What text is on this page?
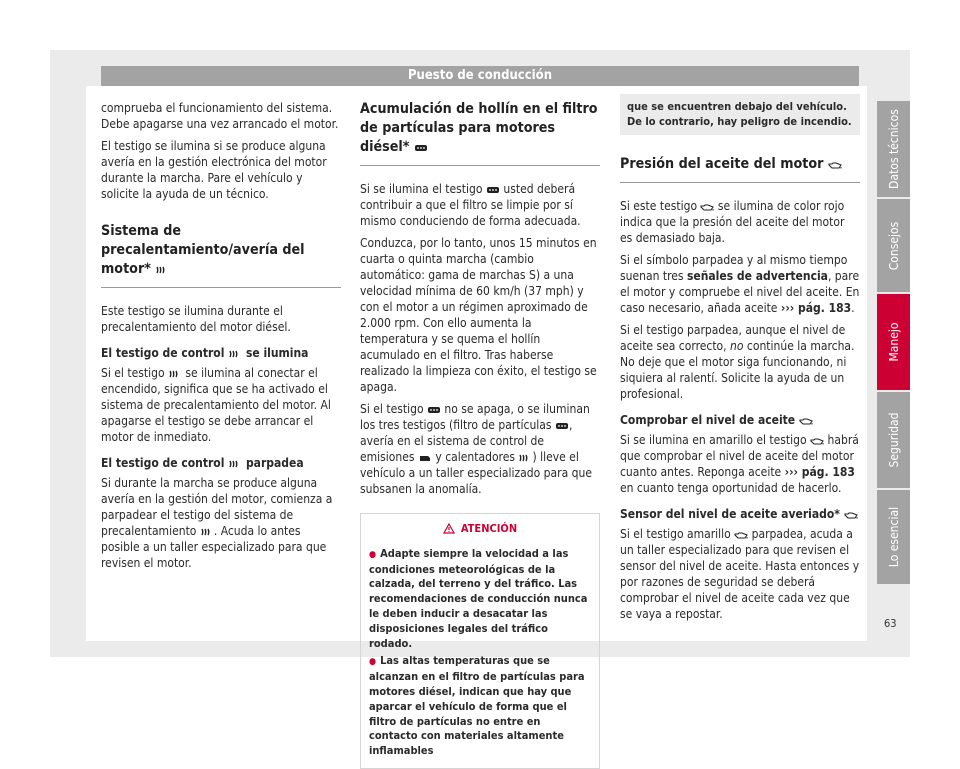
Puesto de conducción

comprueba el funcionamiento del sistema. Debe apagarse una vez arrancado el motor.

El testigo se ilumina si se produce alguna avería en la gestión electrónica del motor durante la marcha. Pare el vehículo y solicite la ayuda de un técnico.

Sistema de precalentamiento/avería del motor*

Este testigo se ilumina durante el precalentamiento del motor diésel.

El testigo de control se ilumina

Si el testigo se ilumina al conectar el encendido, significa que se ha activado el sistema de precalentamiento del motor. Al apagarse el testigo se debe arrancar el motor de inmediato.

El testigo de control parpadea

Si durante la marcha se produce alguna avería en la gestión del motor, comienza a parpadear el testigo del sistema de precalentamiento . Acuda lo antes posible a un taller especializado para que revisen el motor.

Acumulación de hollín en el filtro de partículas para motores diésel*

Si se ilumina el testigo usted deberá contribuir a que el filtro se limpie por sí mismo conduciendo de forma adecuada.

Conduzca, por lo tanto, unos 15 minutos en cuarta o quinta marcha (cambio automático: gama de marchas S) a una velocidad mínima de 60 km/h (37 mph) y con el motor a un régimen aproximado de 2.000 rpm. Con ello aumenta la temperatura y se quema el hollín acumulado en el filtro. Tras haberse realizado la limpieza con éxito, el testigo se apaga.

Si el testigo no se apaga, o se iluminan los tres testigos (filtro de partículas , avería en el sistema de control de emisiones y calentadores ) lleve el vehículo a un taller especializado para que subsanen la anomalía.

ATENCIÓN
● Adapte siempre la velocidad a las condiciones meteorológicas de la calzada, del terreno y del tráfico. Las recomendaciones de conducción nunca le deben inducir a desacatar las disposiciones legales del tráfico rodado.
● Las altas temperaturas que se alcanzan en el filtro de partículas para motores diésel, indican que hay que aparcar el vehículo de forma que el filtro de partículas no entre en contacto con materiales altamente inflamables
que se encuentren debajo del vehículo. De lo contrario, hay peligro de incendio.
Presión del aceite del motor

Si este testigo se ilumina de color rojo indica que la presión del aceite del motor es demasiado baja.

Si el símbolo parpadea y al mismo tiempo suenan tres señales de advertencia, pare el motor y compruebe el nivel del aceite. En caso necesario, añada aceite ››› pág. 183.

Si el testigo parpadea, aunque el nivel de aceite sea correcto, no continúe la marcha. No deje que el motor siga funcionando, ni siquiera al ralentí. Solicite la ayuda de un profesional.

Comprobar el nivel de aceite

Si se ilumina en amarillo el testigo habrá que comprobar el nivel de aceite del motor cuanto antes. Reponga aceite ››› pág. 183 en cuanto tenga oportunidad de hacerlo.

Sensor del nivel de aceite averiado*

Si el testigo amarillo parpadea, acuda a un taller especializado para que revisen el sensor del nivel de aceite. Hasta entonces y por razones de seguridad se deberá comprobar el nivel de aceite cada vez que se vaya a repostar.

Datos técnicos
Consejos
Manejo
Seguridad
Lo esencial
63
